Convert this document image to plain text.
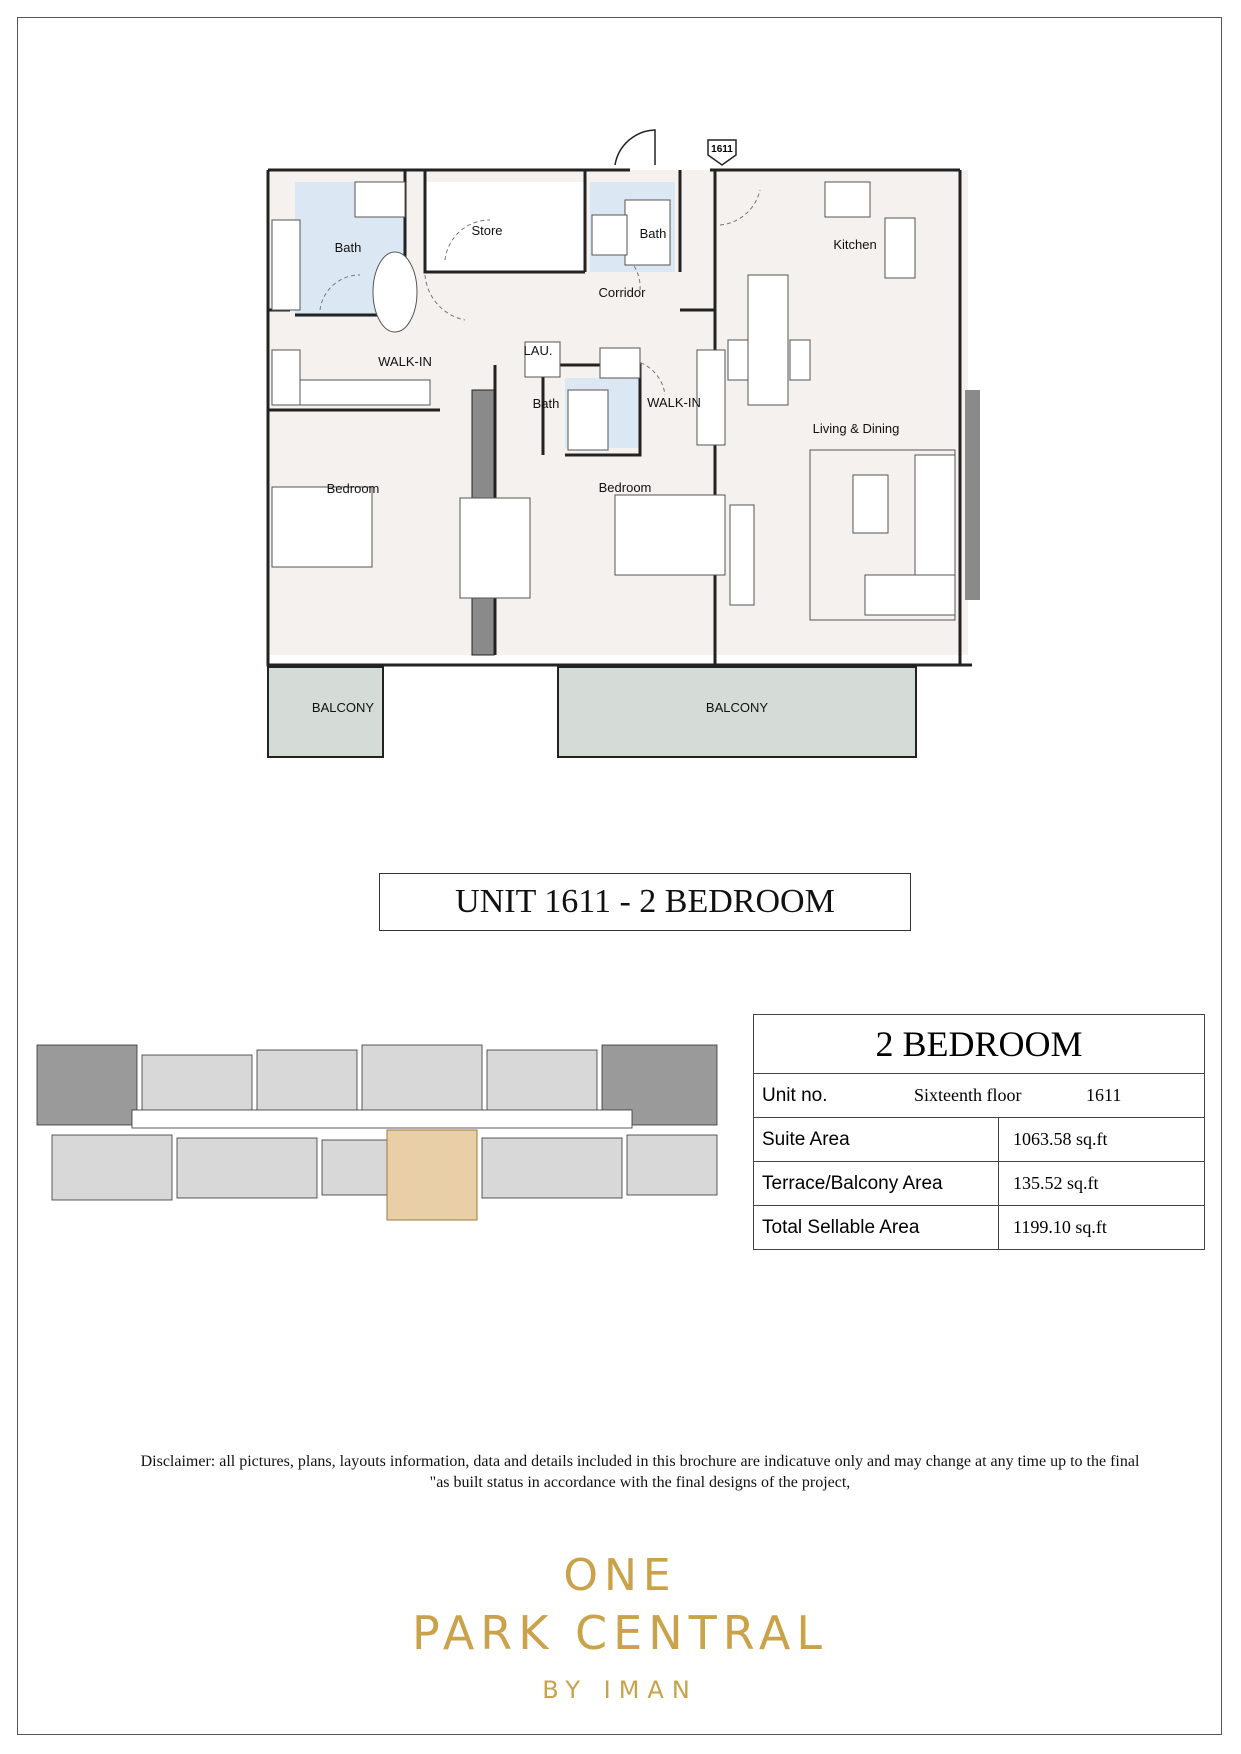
1611
Bath
Store	Bath
Kitchen
Corridor
WALK-IN
LAU.
Bath	WALK-IN
Living & Dining
Bedroom	Bedroom
BALCONY	BALCONY
UNIT 1611 - 2 BEDROOM
2 BEDROOM	

Unit no. Sixteenth floor 1611	

Suite Area	1063.58 sq.ft
Terrace/Balcony Area	135.52 sq.ft
Total Sellable Area	1199.10 sq.ft
Disclaimer: all pictures, plans, layouts information, data and details included in this brochure are indicatuve only and may change at any time up to the final
"as built status in accordance with the final designs of the project,
ONE
PARK CENTRAL
BY IMAN
